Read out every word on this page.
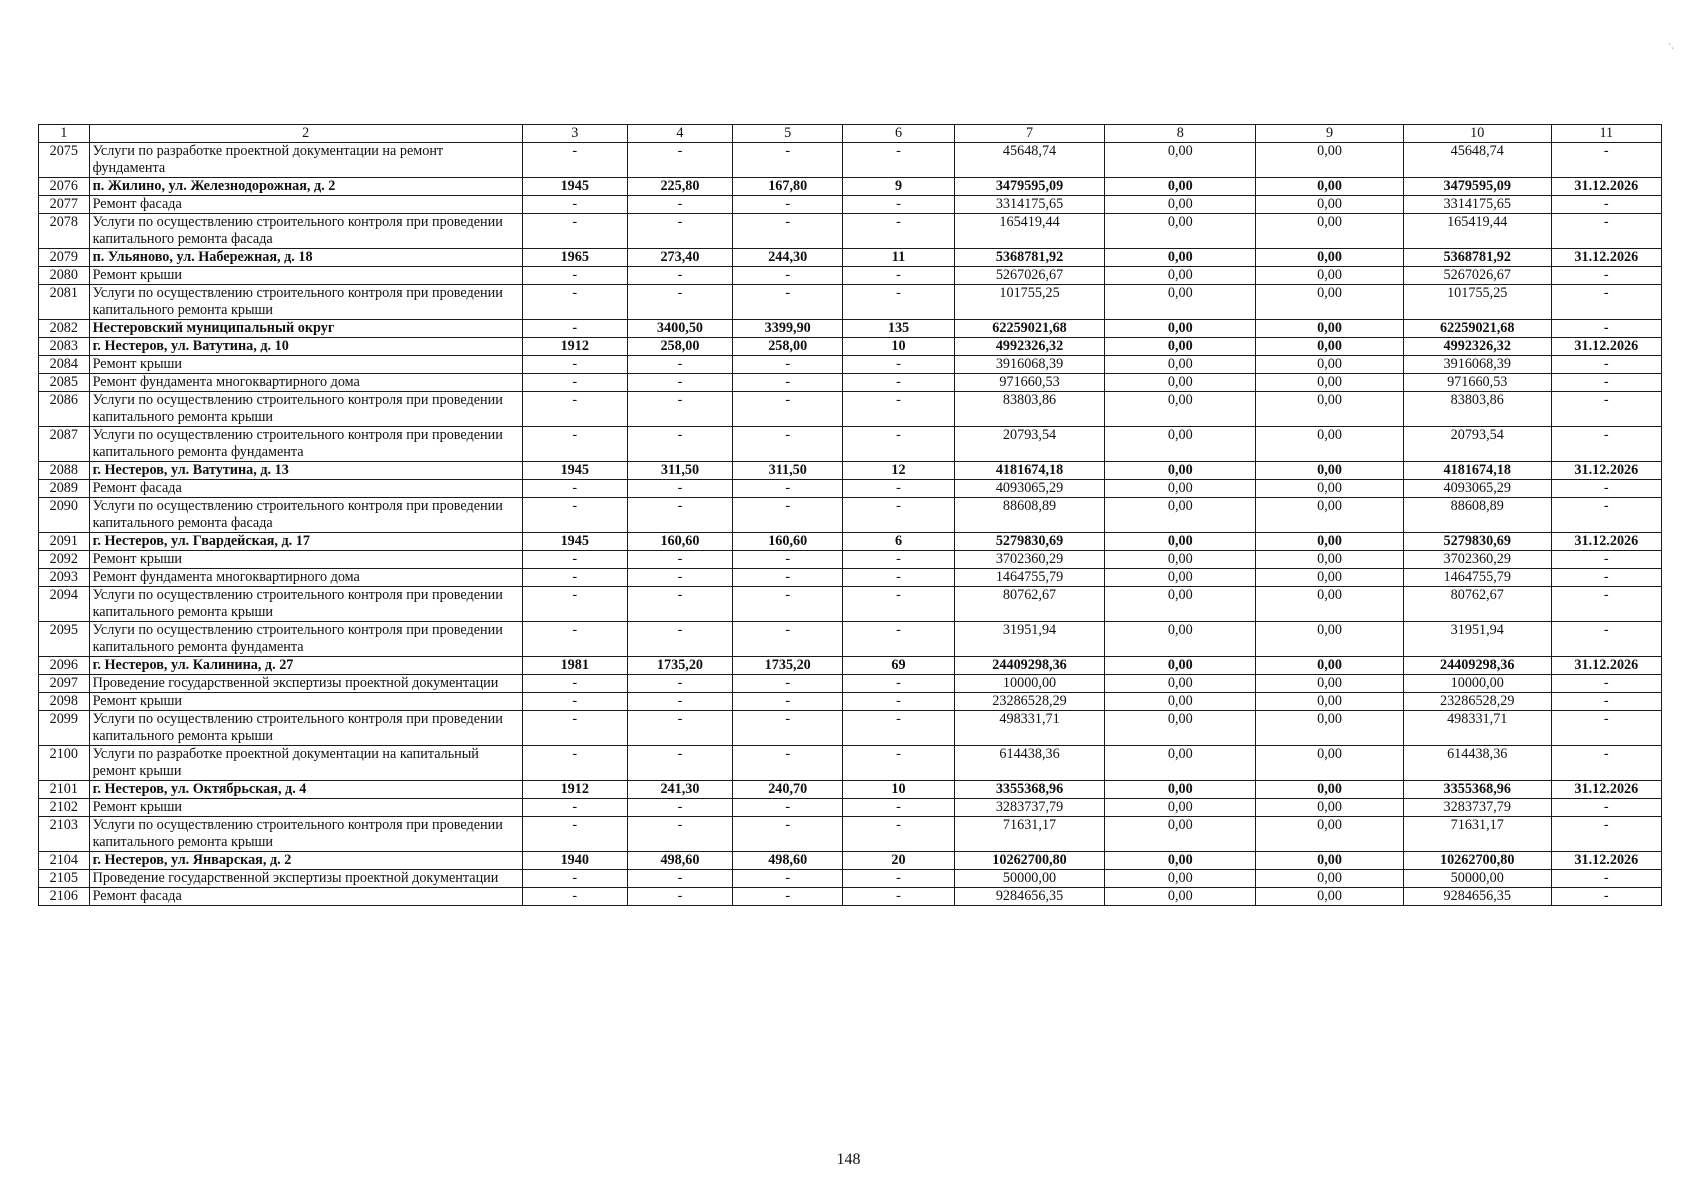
ˋ˴
1	2	3	4	5	6	7	8	9	10	11
2075	Услуги по разработке проектной документации на ремонт фундамента	-	-	-	-	45648,74	0,00	0,00	45648,74	-
2076	п. Жилино, ул. Железнодорожная, д. 2	1945	225,80	167,80	9	3479595,09	0,00	0,00	3479595,09	31.12.2026
2077	Ремонт фасада	-	-	-	-	3314175,65	0,00	0,00	3314175,65	-
2078	Услуги по осуществлению строительного контроля при проведении капитального ремонта фасада	-	-	-	-	165419,44	0,00	0,00	165419,44	-
2079	п. Ульяново, ул. Набережная, д. 18	1965	273,40	244,30	11	5368781,92	0,00	0,00	5368781,92	31.12.2026
2080	Ремонт крыши	-	-	-	-	5267026,67	0,00	0,00	5267026,67	-
2081	Услуги по осуществлению строительного контроля при проведении капитального ремонта крыши	-	-	-	-	101755,25	0,00	0,00	101755,25	-
2082	Нестеровский муниципальный округ	-	3400,50	3399,90	135	62259021,68	0,00	0,00	62259021,68	-
2083	г. Нестеров, ул. Ватутина, д. 10	1912	258,00	258,00	10	4992326,32	0,00	0,00	4992326,32	31.12.2026
2084	Ремонт крыши	-	-	-	-	3916068,39	0,00	0,00	3916068,39	-
2085	Ремонт фундамента многоквартирного дома	-	-	-	-	971660,53	0,00	0,00	971660,53	-
2086	Услуги по осуществлению строительного контроля при проведении капитального ремонта крыши	-	-	-	-	83803,86	0,00	0,00	83803,86	-
2087	Услуги по осуществлению строительного контроля при проведении капитального ремонта фундамента	-	-	-	-	20793,54	0,00	0,00	20793,54	-
2088	г. Нестеров, ул. Ватутина, д. 13	1945	311,50	311,50	12	4181674,18	0,00	0,00	4181674,18	31.12.2026
2089	Ремонт фасада	-	-	-	-	4093065,29	0,00	0,00	4093065,29	-
2090	Услуги по осуществлению строительного контроля при проведении капитального ремонта фасада	-	-	-	-	88608,89	0,00	0,00	88608,89	-
2091	г. Нестеров, ул. Гвардейская, д. 17	1945	160,60	160,60	6	5279830,69	0,00	0,00	5279830,69	31.12.2026
2092	Ремонт крыши	-	-	-	-	3702360,29	0,00	0,00	3702360,29	-
2093	Ремонт фундамента многоквартирного дома	-	-	-	-	1464755,79	0,00	0,00	1464755,79	-
2094	Услуги по осуществлению строительного контроля при проведении капитального ремонта крыши	-	-	-	-	80762,67	0,00	0,00	80762,67	-
2095	Услуги по осуществлению строительного контроля при проведении капитального ремонта фундамента	-	-	-	-	31951,94	0,00	0,00	31951,94	-
2096	г. Нестеров, ул. Калинина, д. 27	1981	1735,20	1735,20	69	24409298,36	0,00	0,00	24409298,36	31.12.2026
2097	Проведение государственной экспертизы проектной документации	-	-	-	-	10000,00	0,00	0,00	10000,00	-
2098	Ремонт крыши	-	-	-	-	23286528,29	0,00	0,00	23286528,29	-
2099	Услуги по осуществлению строительного контроля при проведении капитального ремонта крыши	-	-	-	-	498331,71	0,00	0,00	498331,71	-
2100	Услуги по разработке проектной документации на капитальный ремонт крыши	-	-	-	-	614438,36	0,00	0,00	614438,36	-
2101	г. Нестеров, ул. Октябрьская, д. 4	1912	241,30	240,70	10	3355368,96	0,00	0,00	3355368,96	31.12.2026
2102	Ремонт крыши	-	-	-	-	3283737,79	0,00	0,00	3283737,79	-
2103	Услуги по осуществлению строительного контроля при проведении капитального ремонта крыши	-	-	-	-	71631,17	0,00	0,00	71631,17	-
2104	г. Нестеров, ул. Январская, д. 2	1940	498,60	498,60	20	10262700,80	0,00	0,00	10262700,80	31.12.2026
2105	Проведение государственной экспертизы проектной документации	-	-	-	-	50000,00	0,00	0,00	50000,00	-
2106	Ремонт фасада	-	-	-	-	9284656,35	0,00	0,00	9284656,35	-
148
